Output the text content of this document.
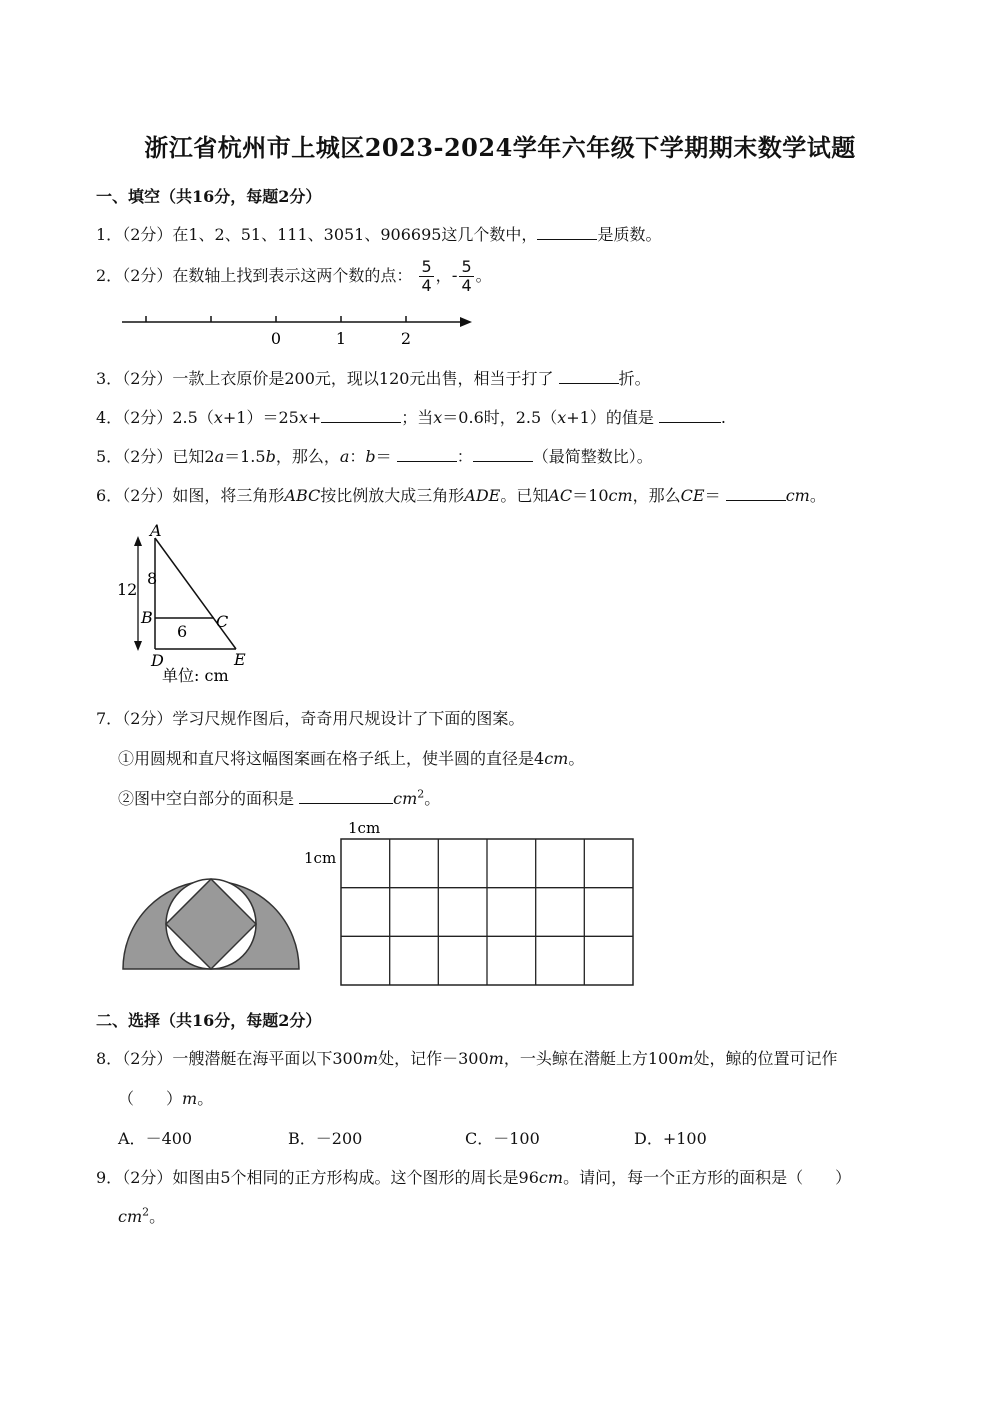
浙江省杭州市上城区2023-2024学年六年级下学期期末数学试题
一、填空（共16分，每题2分）
1．（2分）在1、2、51、111、3051、906695这几个数中，	是质数。
2．（2分）在数轴上找到表示这两个数的点： $\frac{5}{4}$ ，- $\frac{5}{4}$ 。
0	1	2
3．（2分）一款上衣原价是200元，现以120元出售，相当于打了	折。
4．（2分）2.5（x+1）＝25x+	；当x＝0.6时，2.5（x+1）的值是	.
5．（2分）已知2a＝1.5b，那么，a：b＝	：	（最简整数比）。
6．（2分）如图，将三角形ABC按比例放大成三角形ADE。已知AC＝10cm，那么CE＝	cm。
A
B	C
D	E
12
8
6
单位: cm
7．（2分）学习尺规作图后，奇奇用尺规设计了下面的图案。
①用圆规和直尺将这幅图案画在格子纸上，使半圆的直径是4cm。
②图中空白部分的面积是	$cm^2$。
1cm
1cm
二、选择（共16分，每题2分）
8．（2分）一艘潜艇在海平面以下300m处，记作－300m，一头鲸在潜艇上方100m处，鲸的位置可记作
（　　）m。
A．－400	B．－200	C．－100	D．+100
9．（2分）如图由5个相同的正方形构成。这个图形的周长是96cm。请问，每一个正方形的面积是（　　）
$cm^2$。
